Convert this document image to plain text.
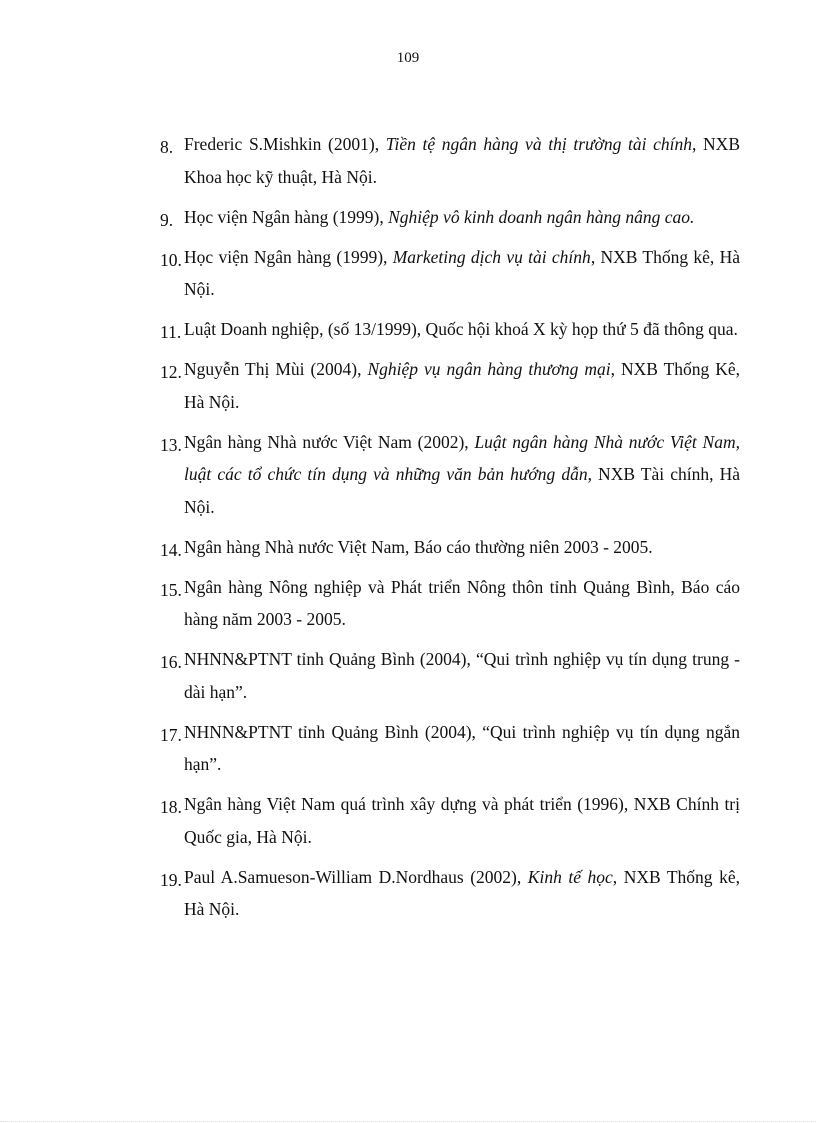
109
8. Frederic S.Mishkin (2001), Tiền tệ ngân hàng và thị trường tài chính, NXB Khoa học kỹ thuật, Hà Nội.
9. Học viện Ngân hàng (1999), Nghiệp vô kinh doanh ngân hàng nâng cao.
10. Học viện Ngân hàng (1999), Marketing dịch vụ tài chính, NXB Thống kê, Hà Nội.
11. Luật Doanh nghiệp, (số 13/1999), Quốc hội khoá X kỳ họp thứ 5 đã thông qua.
12. Nguyễn Thị Mùi (2004), Nghiệp vụ ngân hàng thương mại, NXB Thống Kê, Hà Nội.
13. Ngân hàng Nhà nước Việt Nam (2002), Luật ngân hàng Nhà nước Việt Nam, luật các tổ chức tín dụng và những văn bản hướng dẫn, NXB Tài chính, Hà Nội.
14. Ngân hàng Nhà nước Việt Nam, Báo cáo thường niên 2003 - 2005.
15. Ngân hàng Nông nghiệp và Phát triển Nông thôn tỉnh Quảng Bình, Báo cáo hàng năm 2003 - 2005.
16. NHNN&PTNT tỉnh Quảng Bình (2004), “Qui trình nghiệp vụ tín dụng trung - dài hạn”.
17. NHNN&PTNT tỉnh Quảng Bình (2004), “Qui trình nghiệp vụ tín dụng ngắn hạn”.
18. Ngân hàng Việt Nam quá trình xây dựng và phát triển (1996), NXB Chính trị Quốc gia, Hà Nội.
19. Paul A.Samueson-William D.Nordhaus (2002), Kinh tế học, NXB Thống kê, Hà Nội.
